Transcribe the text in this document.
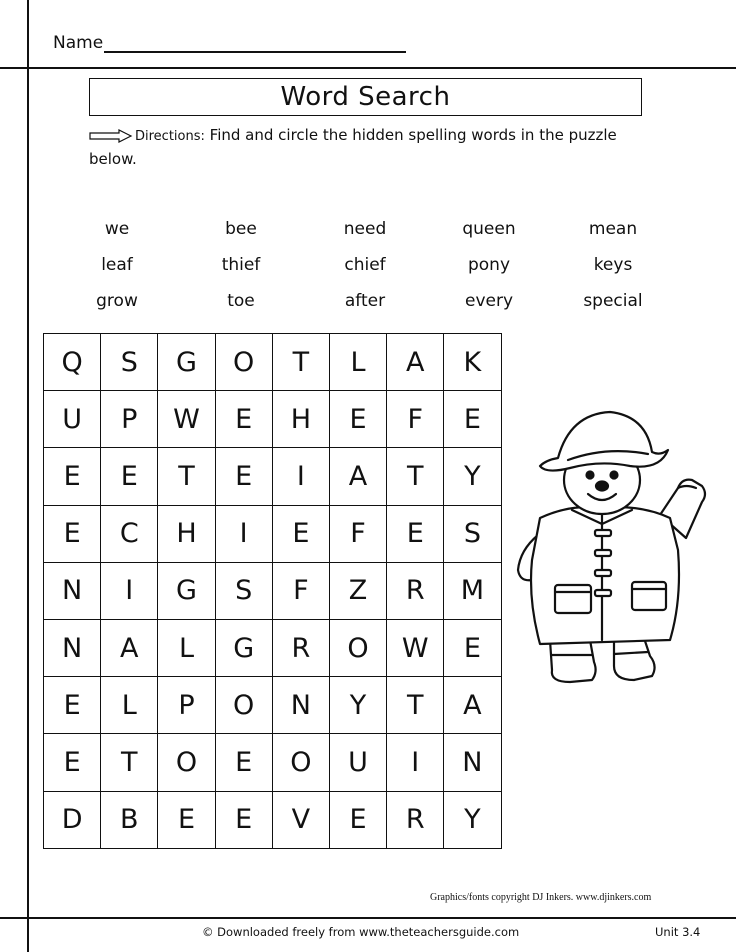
Name
Word Search
Directions: Find and circle the hidden spelling words in the puzzle below.
we	bee	need	queen	mean
leaf	thief	chief	pony	keys
grow	toe	after	every	special
Q	S	G	O	T	L	A	K
U	P	W	E	H	E	F	E
E	E	T	E	I	A	T	Y
E	C	H	I	E	F	E	S
N	I	G	S	F	Z	R	M
N	A	L	G	R	O	W	E
E	L	P	O	N	Y	T	A
E	T	O	E	O	U	I	N
D	B	E	E	V	E	R	Y
Graphics/fonts copyright DJ Inkers. www.djinkers.com
© Downloaded freely from www.theteachersguide.com	Unit 3.4
